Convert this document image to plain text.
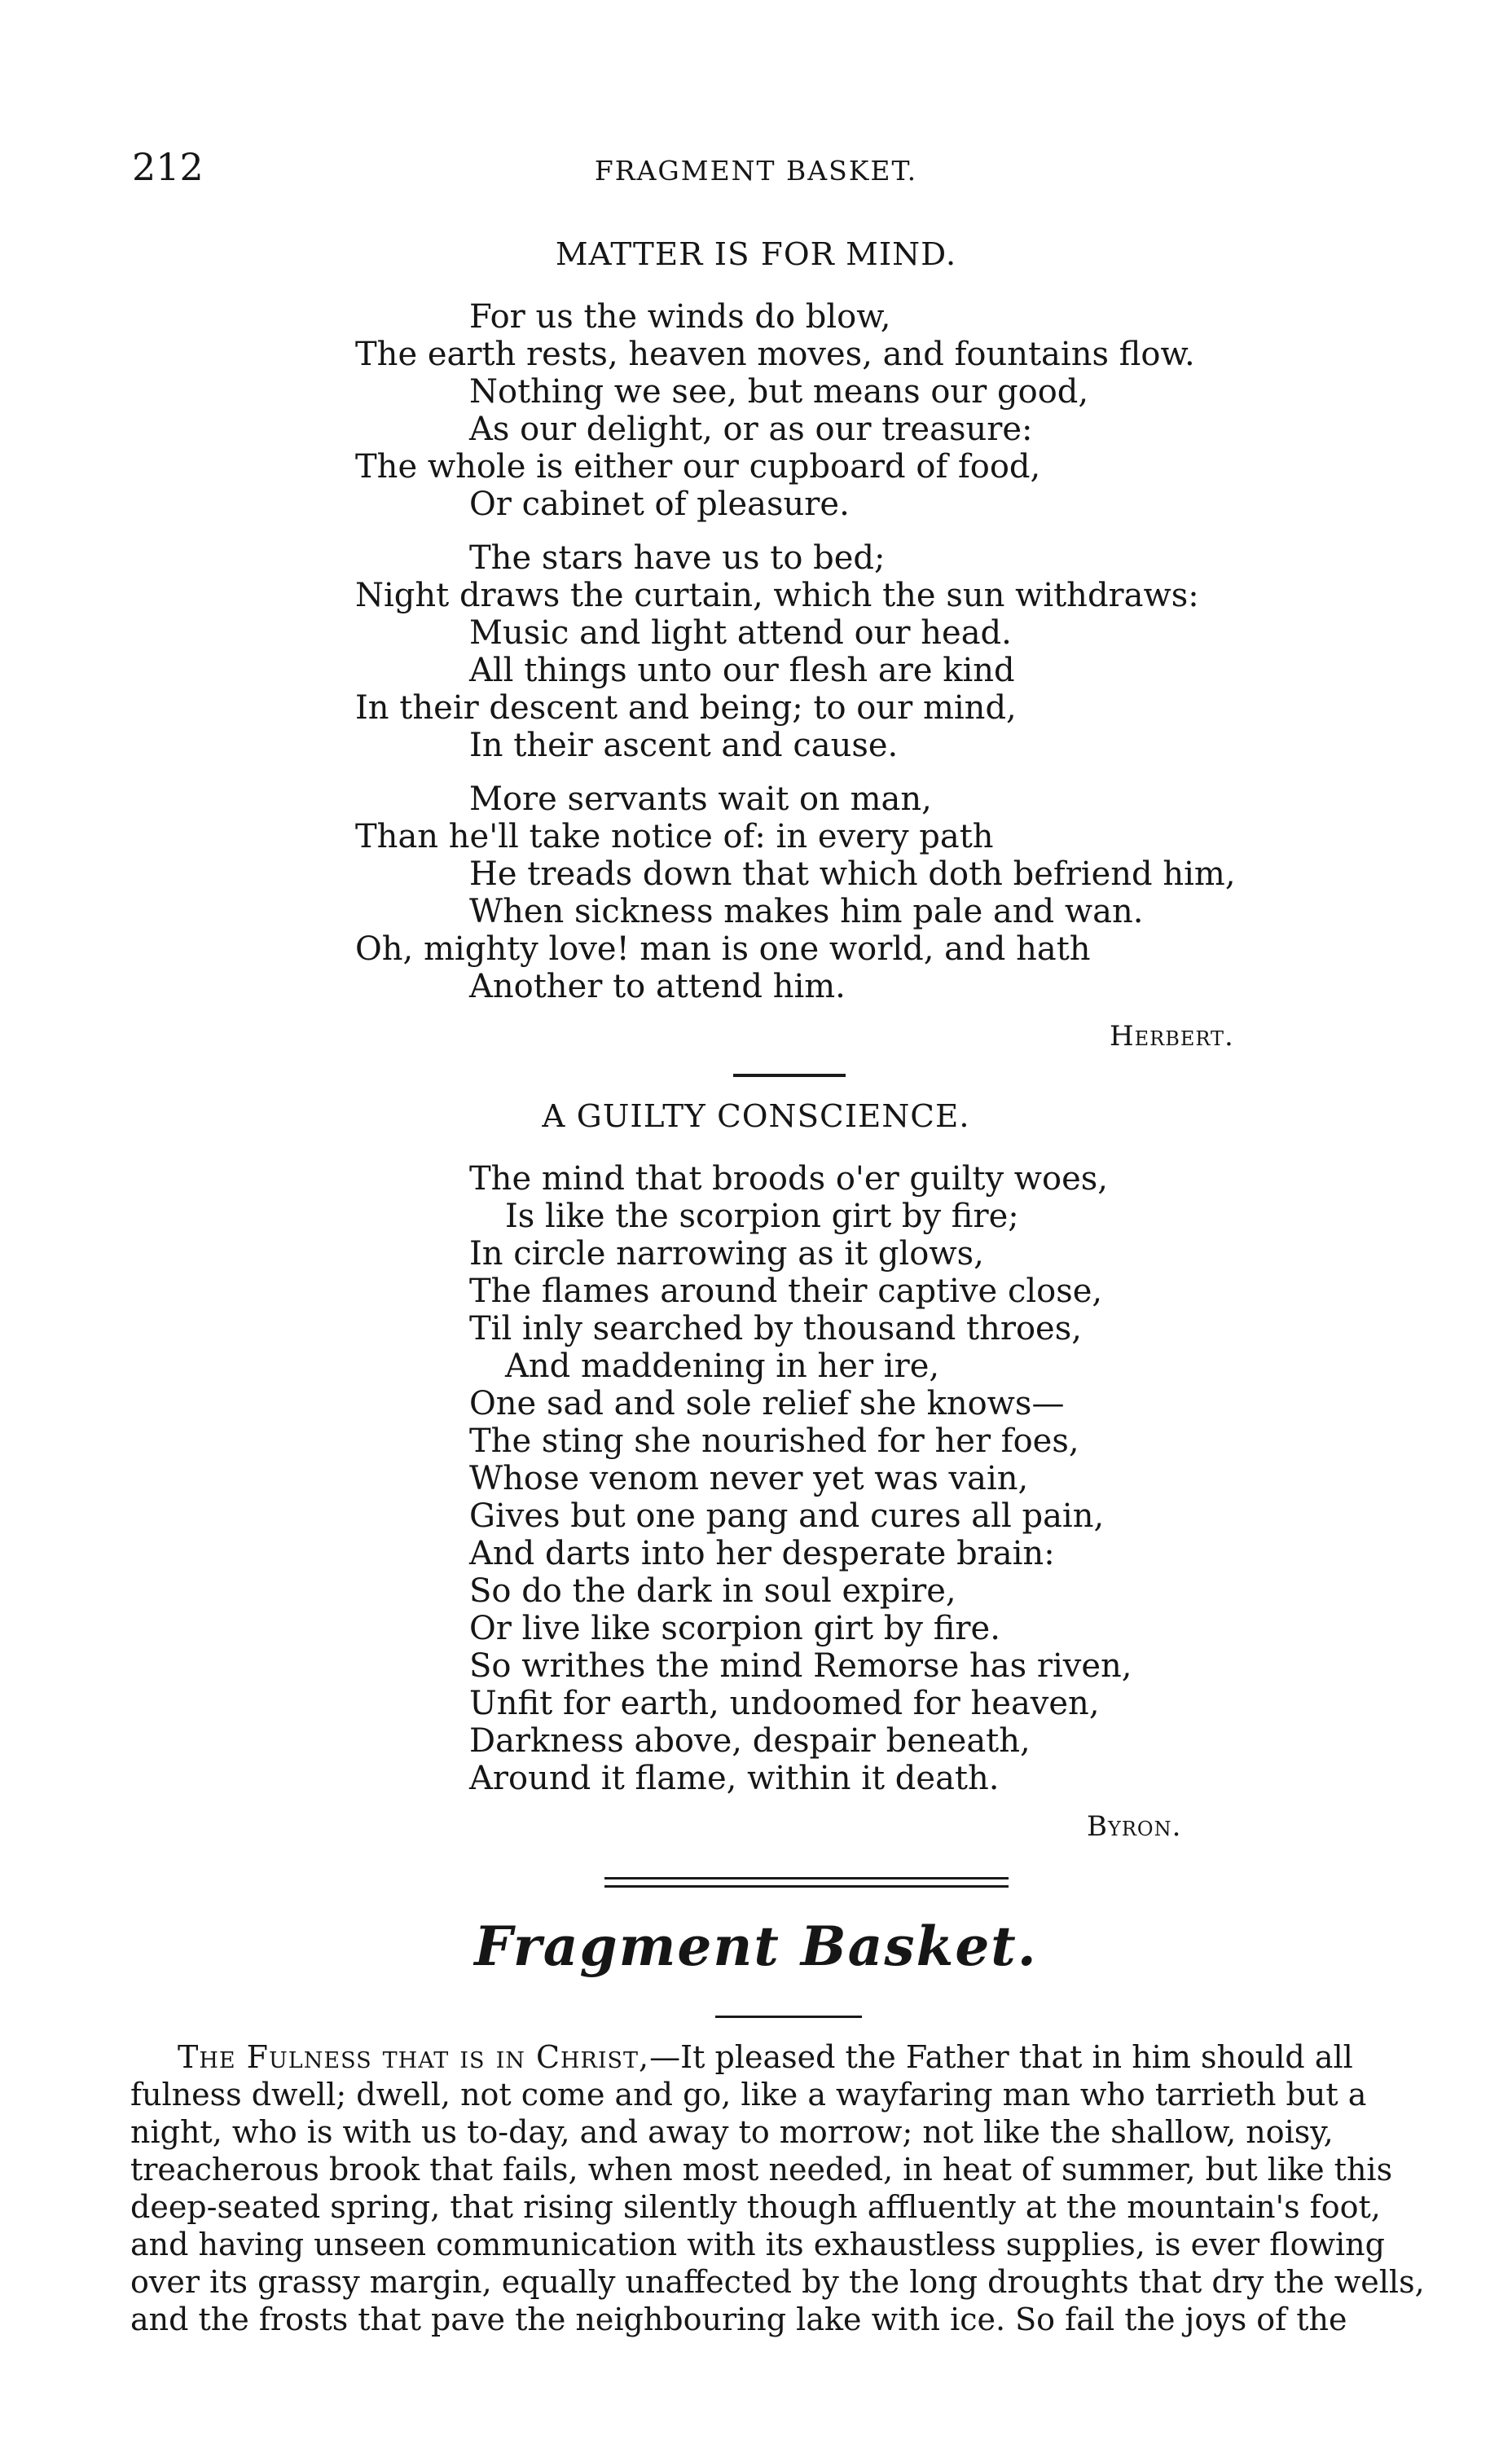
212	FRAGMENT BASKET.
MATTER IS FOR MIND.
For us the winds do blow,
The earth rests, heaven moves, and fountains flow.
Nothing we see, but means our good,
As our delight, or as our treasure:
The whole is either our cupboard of food,
Or cabinet of pleasure.
The stars have us to bed;
Night draws the curtain, which the sun withdraws:
Music and light attend our head.
All things unto our flesh are kind
In their descent and being; to our mind,
In their ascent and cause.
More servants wait on man,
Than he'll take notice of: in every path
He treads down that which doth befriend him,
When sickness makes him pale and wan.
Oh, mighty love! man is one world, and hath
Another to attend him.
Herbert.
A GUILTY CONSCIENCE.
The mind that broods o'er guilty woes,
Is like the scorpion girt by fire;
In circle narrowing as it glows,
The flames around their captive close,
Til inly searched by thousand throes,
And maddening in her ire,
One sad and sole relief she knows—
The sting she nourished for her foes,
Whose venom never yet was vain,
Gives but one pang and cures all pain,
And darts into her desperate brain:
So do the dark in soul expire,
Or live like scorpion girt by fire.
So writhes the mind Remorse has riven,
Unfit for earth, undoomed for heaven,
Darkness above, despair beneath,
Around it flame, within it death.
Byron.
Fragment Basket.
The Fulness that is in Christ,—It pleased the Father that in him should all
fulness dwell; dwell, not come and go, like a wayfaring man who tarrieth but a
night, who is with us to-day, and away to morrow; not like the shallow, noisy,
treacherous brook that fails, when most needed, in heat of summer, but like this
deep-seated spring, that rising silently though affluently at the mountain's foot,
and having unseen communication with its exhaustless supplies, is ever flowing
over its grassy margin, equally unaffected by the long droughts that dry the wells,
and the frosts that pave the neighbouring lake with ice. So fail the joys of the
